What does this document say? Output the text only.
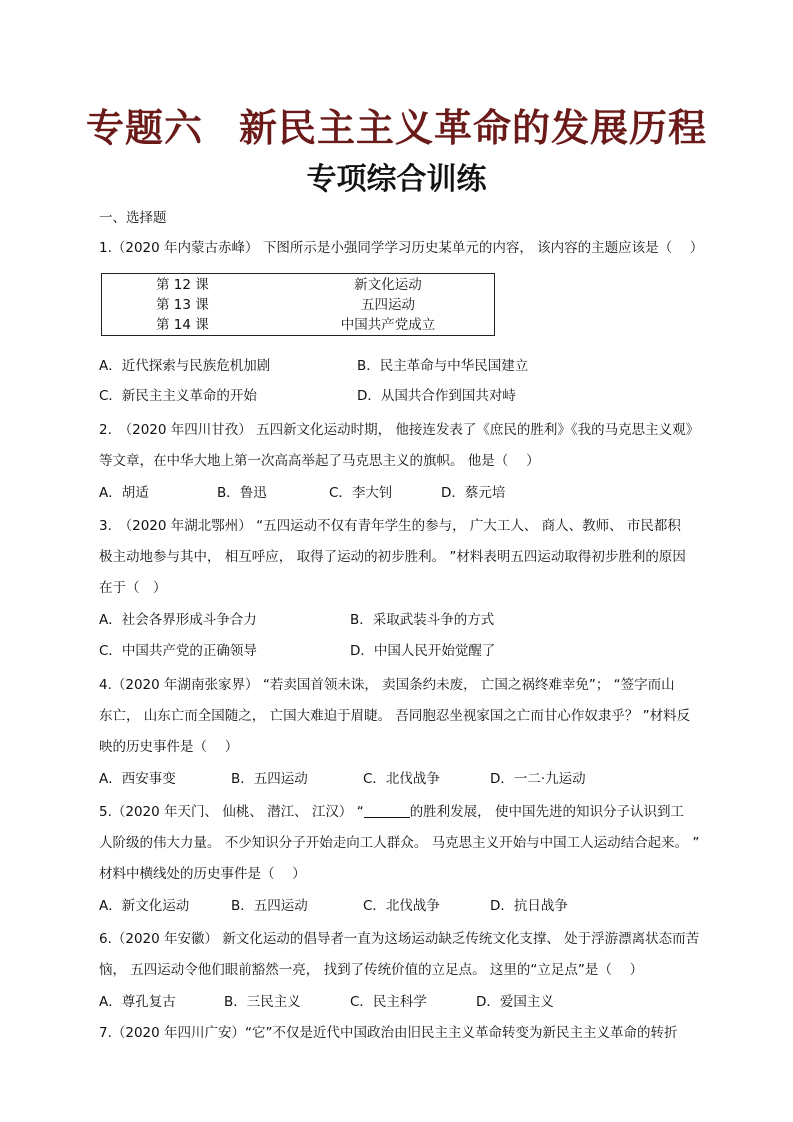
专题六 新民主主义革命的发展历程
专项综合训练
一、选择题
1.（2020 年内蒙古赤峰） 下图所示是小强同学学习历史某单元的内容， 该内容的主题应该是（　 ）
第 12 课	新文化运动
第 13 课	五四运动
第 14 课	中国共产党成立
A．近代探索与民族危机加剧	B．民主革命与中华民国建立
C．新民主主义革命的开始	D．从国共合作到国共对峙
2.　（2020 年四川甘孜） 五四新文化运动时期， 他接连发表了《庶民的胜利》《我的马克思主义观》
等文章，在中华大地上第一次高高举起了马克思主义的旗帜。 他是（　 ）
A．胡适	B．鲁迅	C．李大钊	D．蔡元培
3.　（2020 年湖北鄂州） “五四运动不仅有青年学生的参与， 广大工人、 商人、教师、 市民都积
极主动地参与其中， 相互呼应， 取得了运动的初步胜利。 ”材料表明五四运动取得初步胜利的原因
在于（　）
A．社会各界形成斗争合力	B．采取武装斗争的方式
C．中国共产党的正确领导	D．中国人民开始觉醒了
4.（2020 年湖南张家界） “若卖国首领未诛， 卖国条约未废， 亡国之祸终难幸免”； “签字而山
东亡， 山东亡而全国随之， 亡国大难迫于眉睫。 吾同胞忍坐视家国之亡而甘心作奴隶乎？ ”材料反
映的历史事件是（　 ）
A．西安事变	B．五四运动	C．北伐战争	D．一二·九运动
5.（2020 年天门、 仙桃、 潜江、 江汉） “	的胜利发展， 使中国先进的知识分子认识到工
人阶级的伟大力量。 不少知识分子开始走向工人群众。 马克思主义开始与中国工人运动结合起来。 ”
材料中横线处的历史事件是（　 ）
A．新文化运动	B．五四运动	C．北伐战争	D．抗日战争
6.（2020 年安徽） 新文化运动的倡导者一直为这场运动缺乏传统文化支撑、 处于浮游漂离状态而苦
恼， 五四运动令他们眼前豁然一亮， 找到了传统价值的立足点。 这里的“立足点”是（　 ）
A．尊孔复古	B．三民主义	C．民主科学	D．爱国主义
7.（2020 年四川广安）“它”不仅是近代中国政治由旧民主主义革命转变为新民主主义革命的转折
